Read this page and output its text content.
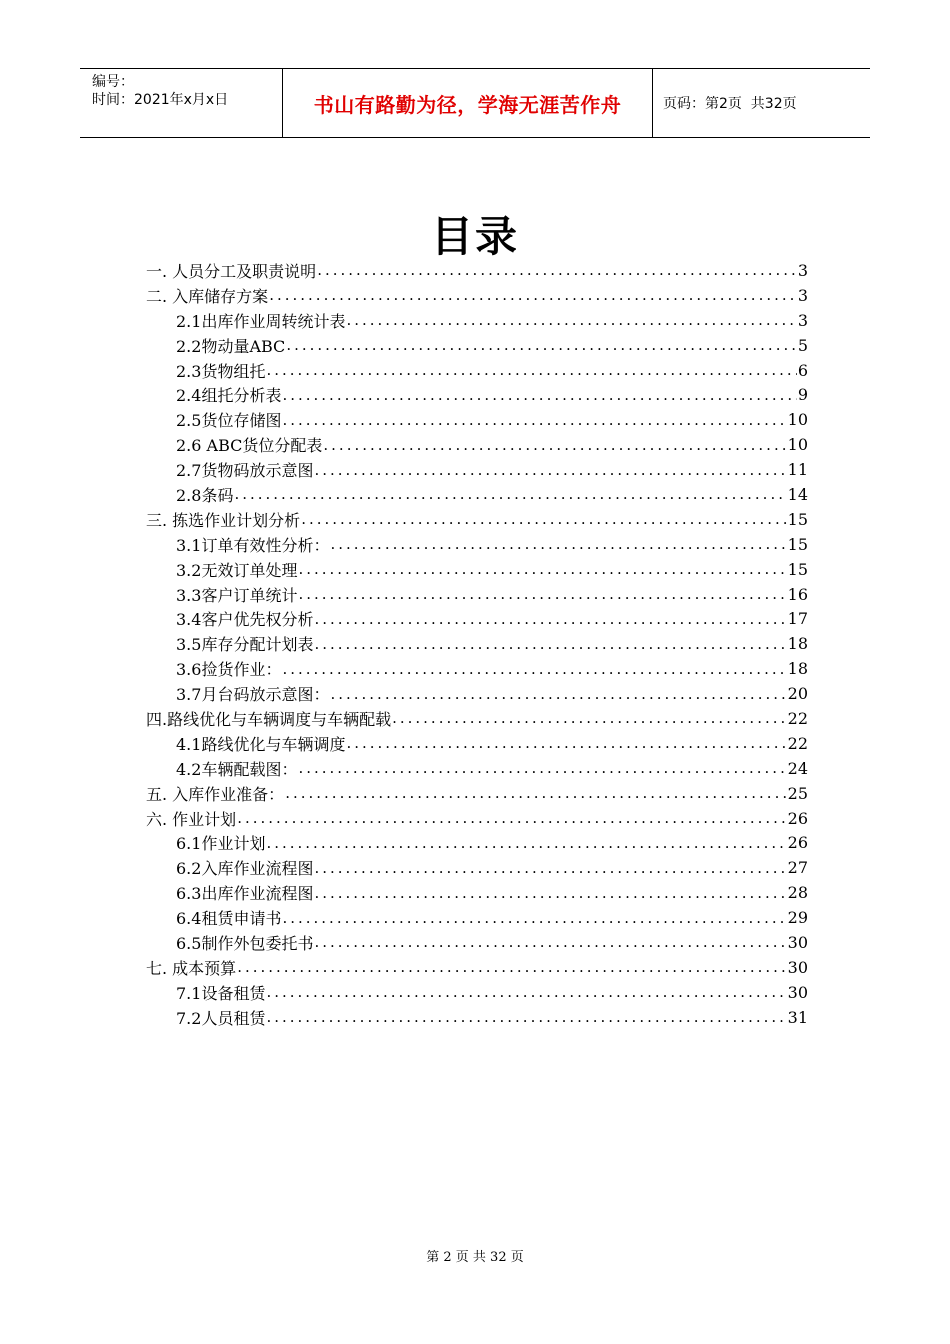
编号：
时间：2021年x月x日	书山有路勤为径，学海无涯苦作舟	页码：第2页  共32页
目录
一. 人员分工及职责说明 .....	3
二. 入库储存方案 .....	3
2.1出库作业周转统计表 .....	3
2.2物动量ABC .....	5
2.3货物组托 .....	6
2.4组托分析表 .....	9
2.5货位存储图 .....	10
2.6 ABC货位分配表 .....	10
2.7货物码放示意图 .....	11
2.8条码 .....	14
三. 拣选作业计划分析 .....	15
3.1订单有效性分析： .....	15
3.2无效订单处理 .....	15
3.3客户订单统计 .....	16
3.4客户优先权分析 .....	17
3.5库存分配计划表 .....	18
3.6捡货作业： .....	18
3.7月台码放示意图： .....	20
四.路线优化与车辆调度与车辆配载 .....	22
4.1路线优化与车辆调度 .....	22
4.2车辆配载图： .....	24
五. 入库作业准备： .....	25
六. 作业计划 .....	26
6.1作业计划 .....	26
6.2入库作业流程图 .....	27
6.3出库作业流程图 .....	28
6.4租赁申请书 .....	29
6.5制作外包委托书 .....	30
七. 成本预算 .....	30
7.1设备租赁 .....	30
7.2人员租赁 .....	31
第 2 页 共 32 页
